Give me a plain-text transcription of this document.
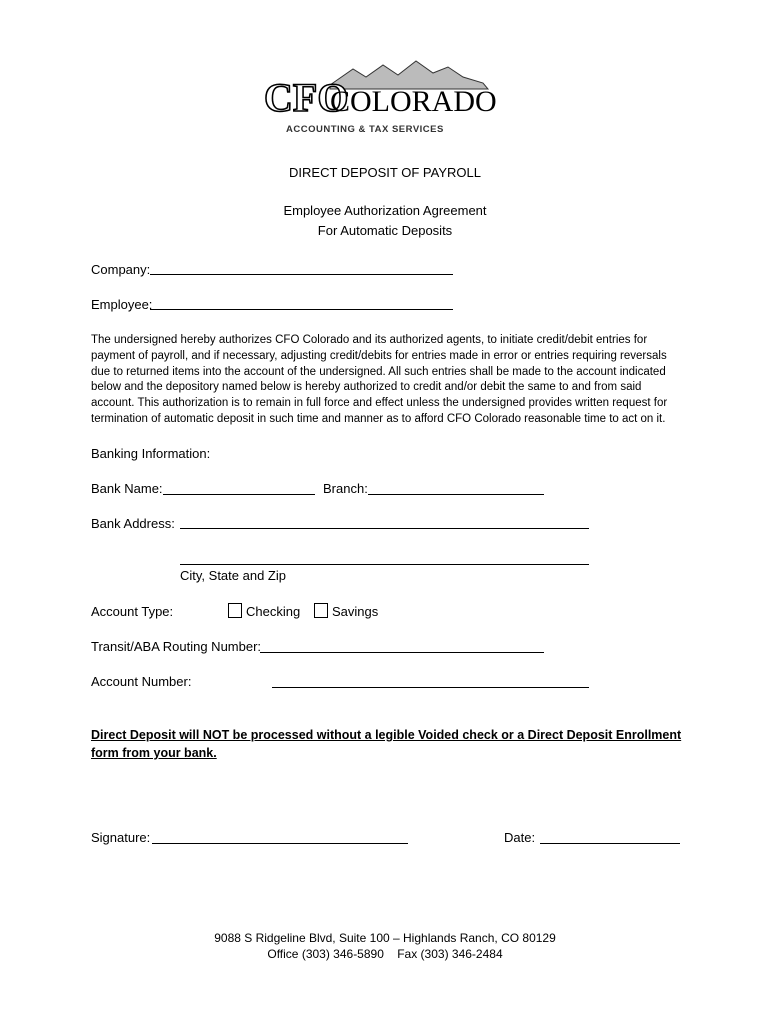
CFO
COLORADO
ACCOUNTING & TAX SERVICES
DIRECT DEPOSIT OF PAYROLL
Employee Authorization Agreement
For Automatic Deposits
Company:
Employee:
The undersigned hereby authorizes CFO Colorado and its authorized agents, to initiate credit/debit entries for payment of payroll, and if necessary, adjusting credit/debits for entries made in error or entries requiring reversals due to returned items into the account of the undersigned. All such entries shall be made to the account indicated below and the depository named below is hereby authorized to credit and/or debit the same to and from said account. This authorization is to remain in full force and effect unless the undersigned provides written request for termination of automatic deposit in such time and manner as to afford CFO Colorado reasonable time to act on it.
Banking Information:
Bank Name:	Branch:
Bank Address:
City, State and Zip
Account Type:	Checking	Savings
Transit/ABA Routing Number:
Account Number:
Direct Deposit will NOT be processed without a legible Voided check or a Direct Deposit Enrollment form from your bank.
Signature:	Date:
9088 S Ridgeline Blvd, Suite 100 – Highlands Ranch, CO 80129
Office (303) 346-5890    Fax (303) 346-2484
